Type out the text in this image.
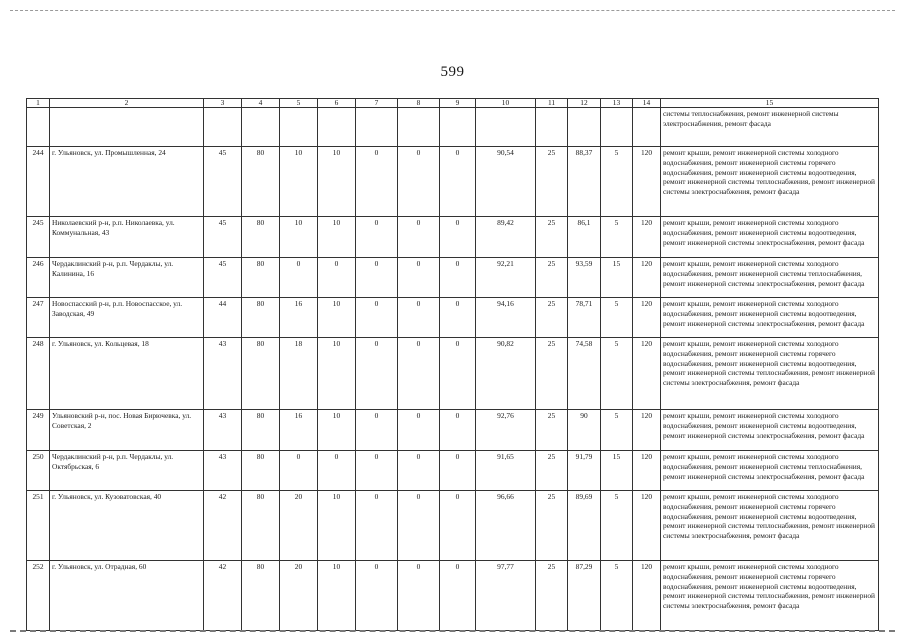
599
1	2	3	4	5	6	7	8	9	10	11	12	13	14	15
														системы теплоснабжения, ремонт инженерной системы электроснабжения, ремонт фасада
244	г. Ульяновск, ул. Промышленная, 24	45	80	10	10	0	0	0	90,54	25	88,37	5	120	ремонт крыши, ремонт инженерной системы холодного водоснабжения, ремонт инженерной системы горячего водоснабжения, ремонт инженерной системы водоотведения, ремонт инженерной системы теплоснабжения, ремонт инженерной системы электроснабжения, ремонт фасада
245	Николаевский р-н, р.п. Николаевка, ул. Коммунальная, 43	45	80	10	10	0	0	0	89,42	25	86,1	5	120	ремонт крыши, ремонт инженерной системы холодного водоснабжения, ремонт инженерной системы водоотведения, ремонт инженерной системы электроснабжения, ремонт фасада
246	Чердаклинский р-н, р.п. Чердаклы, ул. Калинина, 16	45	80	0	0	0	0	0	92,21	25	93,59	15	120	ремонт крыши, ремонт инженерной системы холодного водоснабжения, ремонт инженерной системы теплоснабжения, ремонт инженерной системы электроснабжения, ремонт фасада
247	Новоспасский р-н, р.п. Новоспасское, ул. Заводская, 49	44	80	16	10	0	0	0	94,16	25	78,71	5	120	ремонт крыши, ремонт инженерной системы холодного водоснабжения, ремонт инженерной системы водоотведения, ремонт инженерной системы электроснабжения, ремонт фасада
248	г. Ульяновск, ул. Кольцевая, 18	43	80	18	10	0	0	0	90,82	25	74,58	5	120	ремонт крыши, ремонт инженерной системы холодного водоснабжения, ремонт инженерной системы горячего водоснабжения, ремонт инженерной системы водоотведения, ремонт инженерной системы теплоснабжения, ремонт инженерной системы электроснабжения, ремонт фасада
249	Ульяновский р-н, пос. Новая Бирючевка, ул. Советская, 2	43	80	16	10	0	0	0	92,76	25	90	5	120	ремонт крыши, ремонт инженерной системы холодного водоснабжения, ремонт инженерной системы водоотведения, ремонт инженерной системы электроснабжения, ремонт фасада
250	Чердаклинский р-н, р.п. Чердаклы, ул. Октябрьская, 6	43	80	0	0	0	0	0	91,65	25	91,79	15	120	ремонт крыши, ремонт инженерной системы холодного водоснабжения, ремонт инженерной системы теплоснабжения, ремонт инженерной системы электроснабжения, ремонт фасада
251	г. Ульяновск, ул. Кузоватовская, 40	42	80	20	10	0	0	0	96,66	25	89,69	5	120	ремонт крыши, ремонт инженерной системы холодного водоснабжения, ремонт инженерной системы горячего водоснабжения, ремонт инженерной системы водоотведения, ремонт инженерной системы теплоснабжения, ремонт инженерной системы электроснабжения, ремонт фасада
252	г. Ульяновск, ул. Отрадная, 60	42	80	20	10	0	0	0	97,77	25	87,29	5	120	ремонт крыши, ремонт инженерной системы холодного водоснабжения, ремонт инженерной системы горячего водоснабжения, ремонт инженерной системы водоотведения, ремонт инженерной системы теплоснабжения, ремонт инженерной системы электроснабжения, ремонт фасада
